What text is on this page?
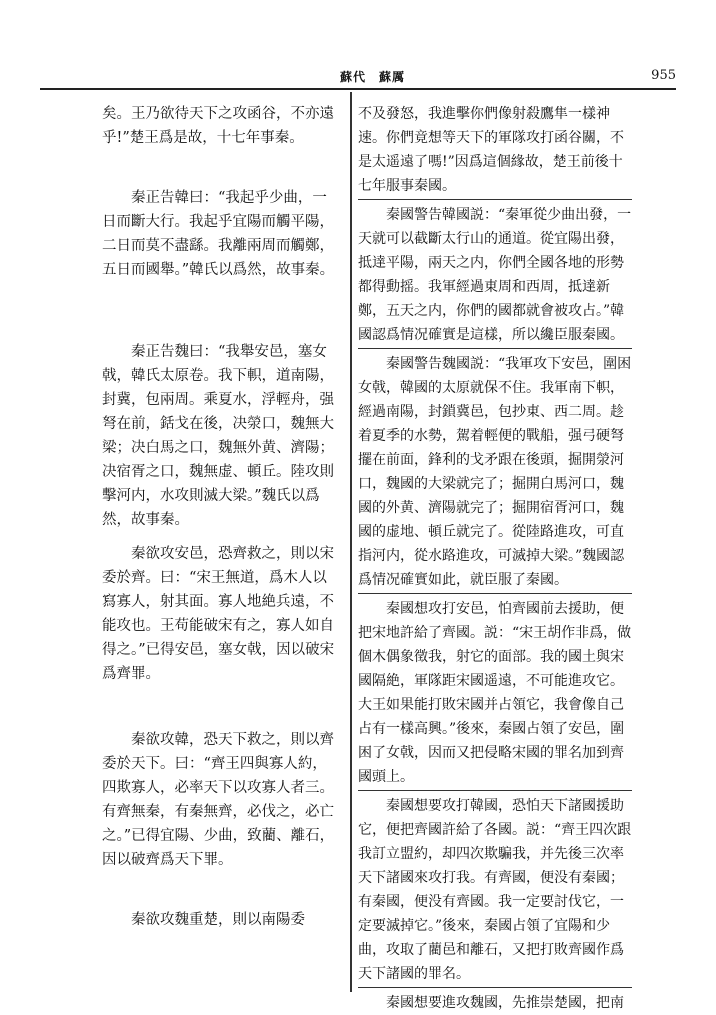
蘇代　蘇厲	955

矣。王乃欲待天下之攻函谷，不亦遠乎!”楚王爲是故，十七年事秦。

秦正告韓曰：“我起乎少曲，一日而斷大行。我起乎宜陽而觸平陽，二日而莫不盡繇。我離兩周而觸鄭，五日而國舉。”韓氏以爲然，故事秦。

秦正告魏曰：“我舉安邑，塞女戟，韓氏太原卷。我下軹，道南陽，封冀，包兩周。乘夏水，浮輕舟，强弩在前，銛戈在後，决滎口，魏無大梁；决白馬之口，魏無外黄、濟陽；决宿胥之口，魏無虚、頓丘。陸攻則擊河内，水攻則滅大梁。”魏氏以爲然，故事秦。

秦欲攻安邑，恐齊救之，則以宋委於齊。曰：“宋王無道，爲木人以寫寡人，射其面。寡人地絶兵遠，不能攻也。王苟能破宋有之，寡人如自得之。”已得安邑，塞女戟，因以破宋爲齊罪。

秦欲攻韓，恐天下救之，則以齊委於天下。曰：“齊王四與寡人約，四欺寡人，必率天下以攻寡人者三。有齊無秦，有秦無齊，必伐之，必亡之。”已得宜陽、少曲，致藺、離石，因以破齊爲天下罪。

秦欲攻魏重楚，則以南陽委

不及發怒，我進擊你們像射殺鷹隼一樣神速。你們竟想等天下的軍隊攻打函谷關，不是太遥遠了嗎!”因爲這個緣故，楚王前後十七年服事秦國。

秦國警告韓國説：“秦軍從少曲出發，一天就可以截斷太行山的通道。從宜陽出發，抵達平陽，兩天之内，你們全國各地的形勢都得動摇。我軍經過東周和西周，抵達新鄭，五天之内，你們的國都就會被攻占。”韓國認爲情况確實是這樣，所以纔臣服秦國。

秦國警告魏國説：“我軍攻下安邑，圍困女戟，韓國的太原就保不住。我軍南下軹，經過南陽，封鎖冀邑，包抄東、西二周。趁着夏季的水勢，駕着輕便的戰船，强弓硬弩擺在前面，鋒利的戈矛跟在後頭，掘開滎河口，魏國的大梁就完了；掘開白馬河口，魏國的外黄、濟陽就完了；掘開宿胥河口，魏國的虚地、頓丘就完了。從陸路進攻，可直指河内，從水路進攻，可滅掉大梁。”魏國認爲情况確實如此，就臣服了秦國。

秦國想攻打安邑，怕齊國前去援助，便把宋地許給了齊國。説：“宋王胡作非爲，做個木偶象徵我，射它的面部。我的國土與宋國隔絶，軍隊距宋國遥遠，不可能進攻它。大王如果能打敗宋國并占領它，我會像自己占有一樣高興。”後來，秦國占領了安邑，圍困了女戟，因而又把侵略宋國的罪名加到齊國頭上。

秦國想要攻打韓國，恐怕天下諸國援助它，便把齊國許給了各國。説：“齊王四次跟我訂立盟約，却四次欺騙我，并先後三次率天下諸國來攻打我。有齊國，便没有秦國；有秦國，便没有齊國。我一定要討伐它，一定要滅掉它。”後來，秦國占領了宜陽和少曲，攻取了藺邑和離石，又把打敗齊國作爲天下諸國的罪名。

秦國想要進攻魏國，先推崇楚國，把南
